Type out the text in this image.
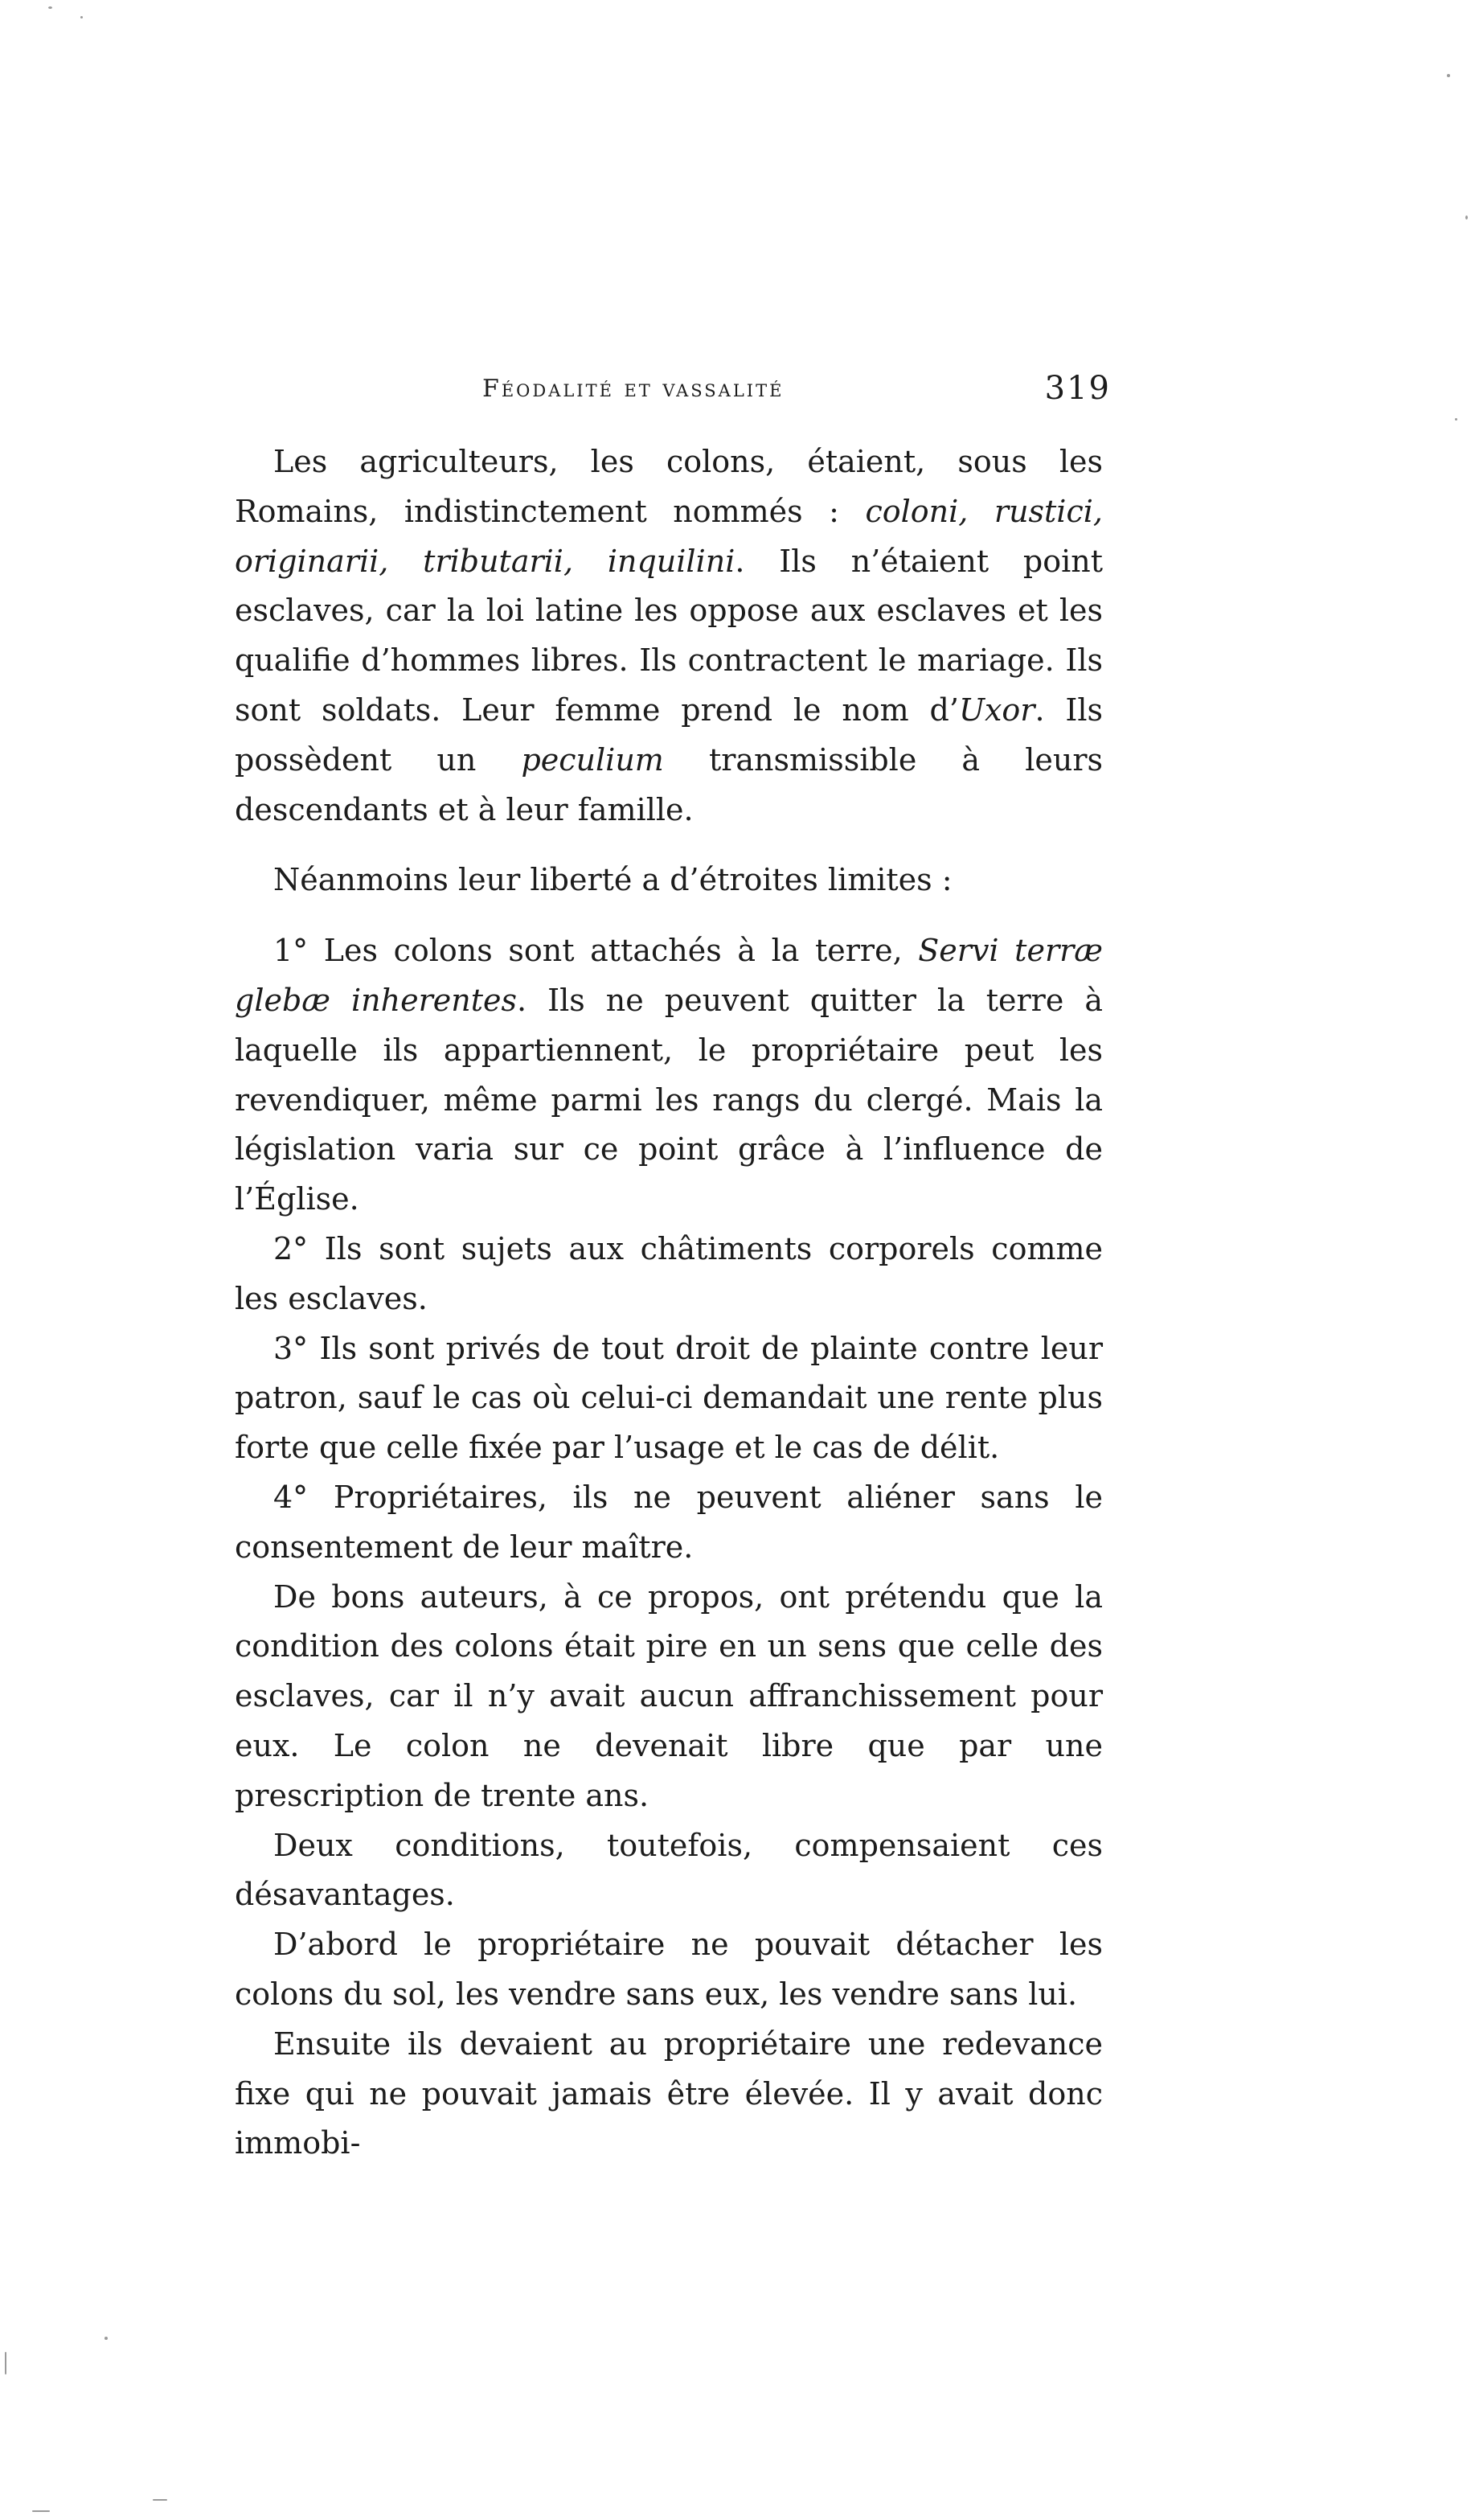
Féodalité et vassalité	319

Les agriculteurs, les colons, étaient, sous les Romains, indistinctement nommés : coloni, rustici, originarii, tributarii, inquilini. Ils n’étaient point esclaves, car la loi latine les oppose aux esclaves et les qualifie d’hommes libres. Ils contractent le mariage. Ils sont soldats. Leur femme prend le nom d’Uxor. Ils possèdent un peculium transmissible à leurs descendants et à leur famille.

Néanmoins leur liberté a d’étroites limites :

1° Les colons sont attachés à la terre, Servi terræ glebæ inherentes. Ils ne peuvent quitter la terre à laquelle ils appartiennent, le propriétaire peut les revendiquer, même parmi les rangs du clergé. Mais la législation varia sur ce point grâce à l’influence de l’Église.

2° Ils sont sujets aux châtiments corporels comme les esclaves.

3° Ils sont privés de tout droit de plainte contre leur patron, sauf le cas où celui-ci demandait une rente plus forte que celle fixée par l’usage et le cas de délit.

4° Propriétaires, ils ne peuvent aliéner sans le consentement de leur maître.

De bons auteurs, à ce propos, ont prétendu que la condition des colons était pire en un sens que celle des esclaves, car il n’y avait aucun affranchissement pour eux. Le colon ne devenait libre que par une prescription de trente ans.

Deux conditions, toutefois, compensaient ces désavantages.

D’abord le propriétaire ne pouvait détacher les colons du sol, les vendre sans eux, les vendre sans lui.

Ensuite ils devaient au propriétaire une redevance fixe qui ne pouvait jamais être élevée. Il y avait donc immobi-
